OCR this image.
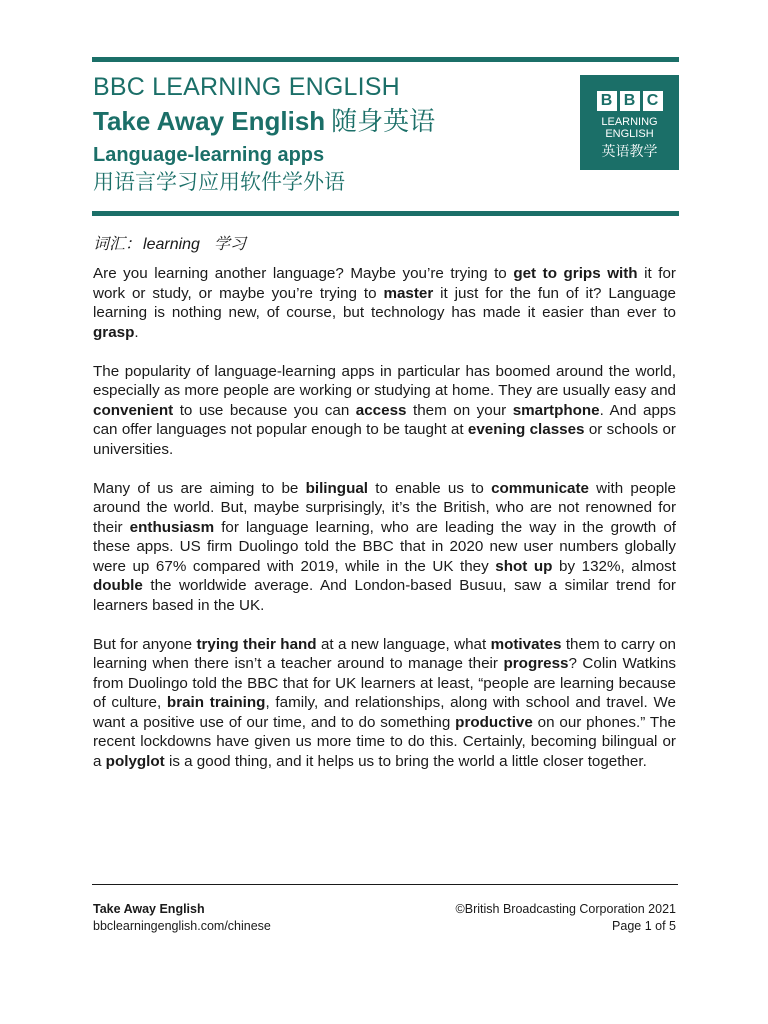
BBC LEARNING ENGLISH
Take Away English 随身英语
Language-learning apps
用语言学习应用软件学外语
B B C
LEARNING
ENGLISH
英语教学
词汇： learning 学习

Are you learning another language? Maybe you’re trying to get to grips with it for work or study, or maybe you’re trying to master it just for the fun of it? Language learning is nothing new, of course, but technology has made it easier than ever to grasp.

The popularity of language-learning apps in particular has boomed around the world, especially as more people are working or studying at home. They are usually easy and convenient to use because you can access them on your smartphone. And apps can offer languages not popular enough to be taught at evening classes or schools or universities.

Many of us are aiming to be bilingual to enable us to communicate with people around the world. But, maybe surprisingly, it’s the British, who are not renowned for their enthusiasm for language learning, who are leading the way in the growth of these apps. US firm Duolingo told the BBC that in 2020 new user numbers globally were up 67% compared with 2019, while in the UK they shot up by 132%, almost double the worldwide average. And London-based Busuu, saw a similar trend for learners based in the UK.

But for anyone trying their hand at a new language, what motivates them to carry on learning when there isn’t a teacher around to manage their progress? Colin Watkins from Duolingo told the BBC that for UK learners at least, “people are learning because of culture, brain training, family, and relationships, along with school and travel. We want a positive use of our time, and to do something productive on our phones.” The recent lockdowns have given us more time to do this. Certainly, becoming bilingual or a polyglot is a good thing, and it helps us to bring the world a little closer together.

Take Away English
bbclearningenglish.com/chinese
©British Broadcasting Corporation 2021
Page 1 of 5
